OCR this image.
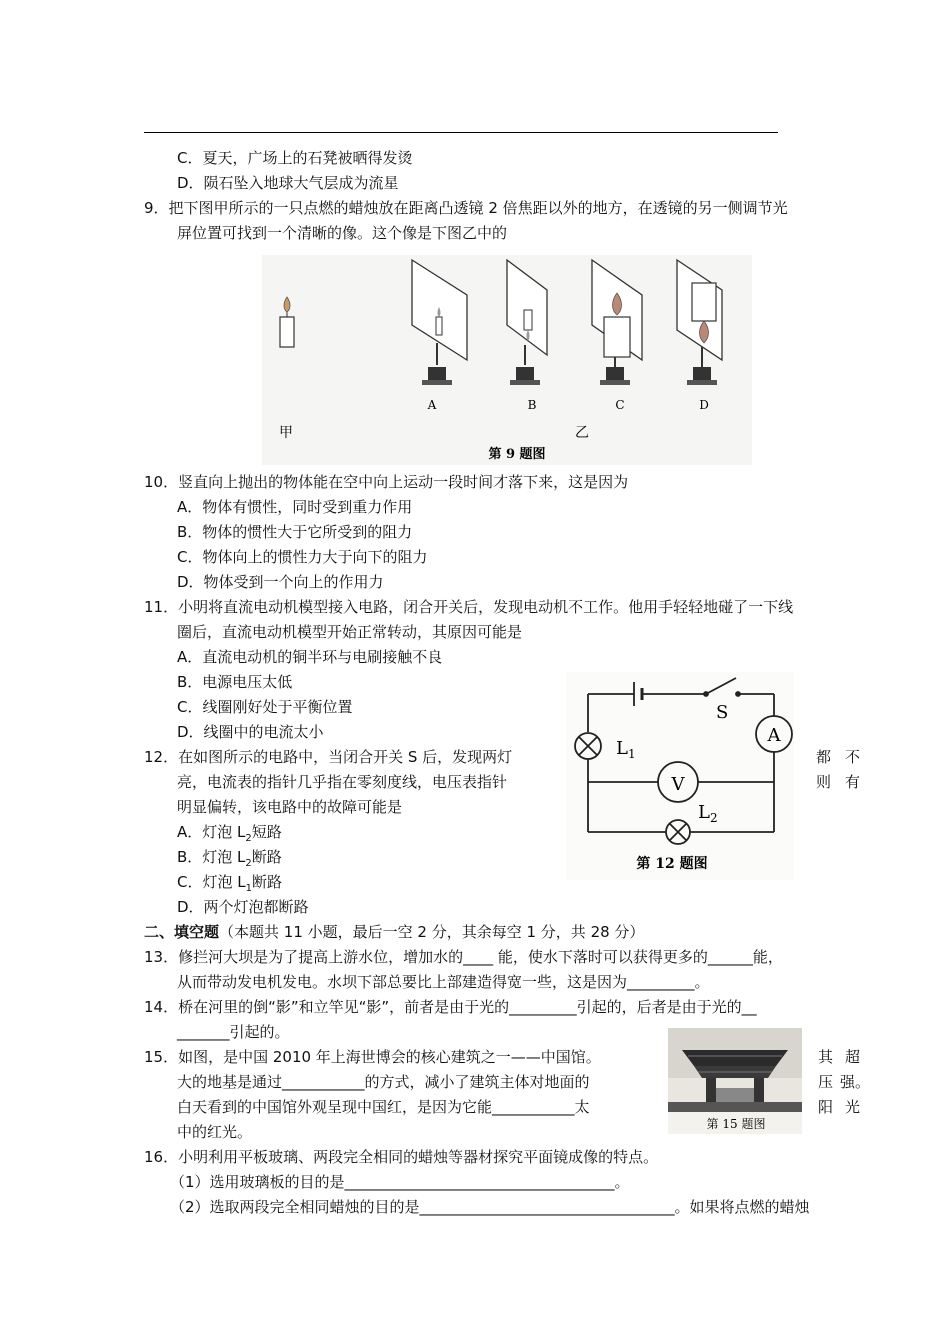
C．夏天，广场上的石凳被晒得发烫
D．陨石坠入地球大气层成为流星
9．把下图甲所示的一只点燃的蜡烛放在距离凸透镜 2 倍焦距以外的地方，在透镜的另一侧调节光
屏位置可找到一个清晰的像。这个像是下图乙中的
A	B	C	D
甲	乙
第 9 题图
10．竖直向上抛出的物体能在空中向上运动一段时间才落下来，这是因为
A．物体有惯性，同时受到重力作用
B．物体的惯性大于它所受到的阻力
C．物体向上的惯性力大于向下的阻力
D．物体受到一个向上的作用力
11．小明将直流电动机模型接入电路，闭合开关后，发现电动机不工作。他用手轻轻地碰了一下线
圈后，直流电动机模型开始正常转动，其原因可能是
A．直流电动机的铜半环与电刷接触不良
B．电源电压太低
C．线圈刚好处于平衡位置
D．线圈中的电流太小
S
A
V
$L_1$
$L_2$
第 12 题图
12．在如图所示的电路中，当闭合开关 S 后，发现两灯	都 不
亮，电流表的指针几乎指在零刻度线，电压表指针	则 有
明显偏转，该电路中的故障可能是
A．灯泡 $L_2$短路
B．灯泡 $L_2$断路
C．灯泡 $L_1$断路
D．两个灯泡都断路
二、填空题（本题共 11 小题，最后一空 2 分，其余每空 1 分，共 28 分）
13．修拦河大坝是为了提高上游水位，增加水的____ 能，使水下落时可以获得更多的______能，
从而带动发电机发电。水坝下部总要比上部建造得宽一些，这是因为_________。
14．桥在河里的倒“影”和立竿见“影”，前者是由于光的_________引起的，后者是由于光的__
_______引起的。
第 15 题图
15．如图，是中国 2010 年上海世博会的核心建筑之一——中国馆。	其 超
大的地基是通过___________的方式，减小了建筑主体对地面的	压 强。
白天看到的中国馆外观呈现中国红，是因为它能___________太	阳 光
中的红光。
16．小明利用平板玻璃、两段完全相同的蜡烛等器材探究平面镜成像的特点。
（1）选用玻璃板的目的是____________________________________。
（2）选取两段完全相同蜡烛的目的是__________________________________。如果将点燃的蜡烛
